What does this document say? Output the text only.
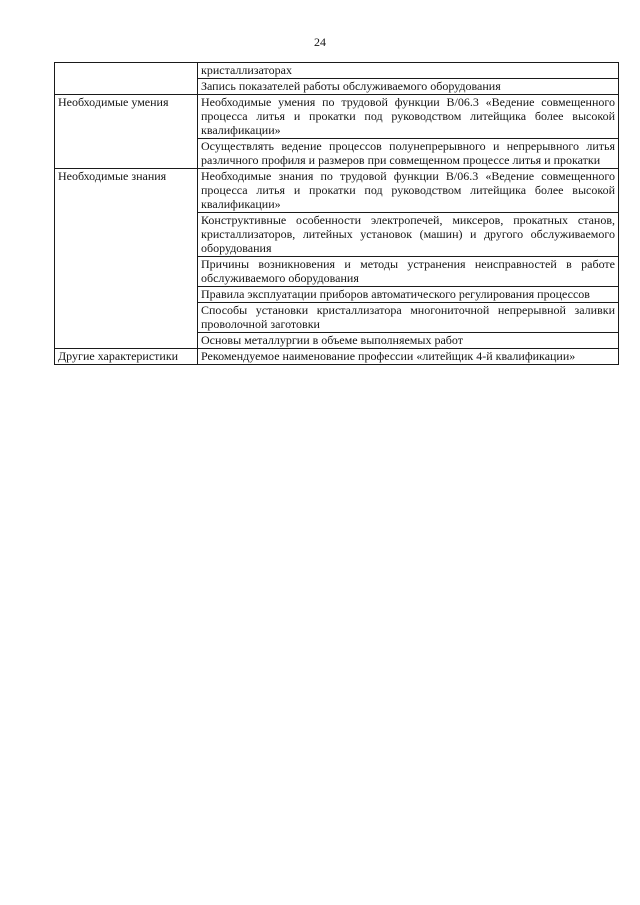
24
	кристаллизаторах
	Запись показателей работы обслуживаемого оборудования
Необходимые умения	Необходимые умения по трудовой функции B/06.3 «Ведение совмещенного процесса литья и прокатки под руководством литейщика более высокой квалификации»
	Осуществлять ведение процессов полунепрерывного и непрерывного литья различного профиля и размеров при совмещенном процессе литья и прокатки
Необходимые знания	Необходимые знания по трудовой функции B/06.3 «Ведение совмещенного процесса литья и прокатки под руководством литейщика более высокой квалификации»
	Конструктивные особенности электропечей, миксеров, прокатных станов, кристаллизаторов, литейных установок (машин) и другого обслуживаемого оборудования
	Причины возникновения и методы устранения неисправностей в работе обслуживаемого оборудования
	Правила эксплуатации приборов автоматического регулирования процессов
	Способы установки кристаллизатора многониточной непрерывной заливки проволочной заготовки
	Основы металлургии в объеме выполняемых работ
Другие характеристики	Рекомендуемое наименование профессии «литейщик 4-й квалификации»
